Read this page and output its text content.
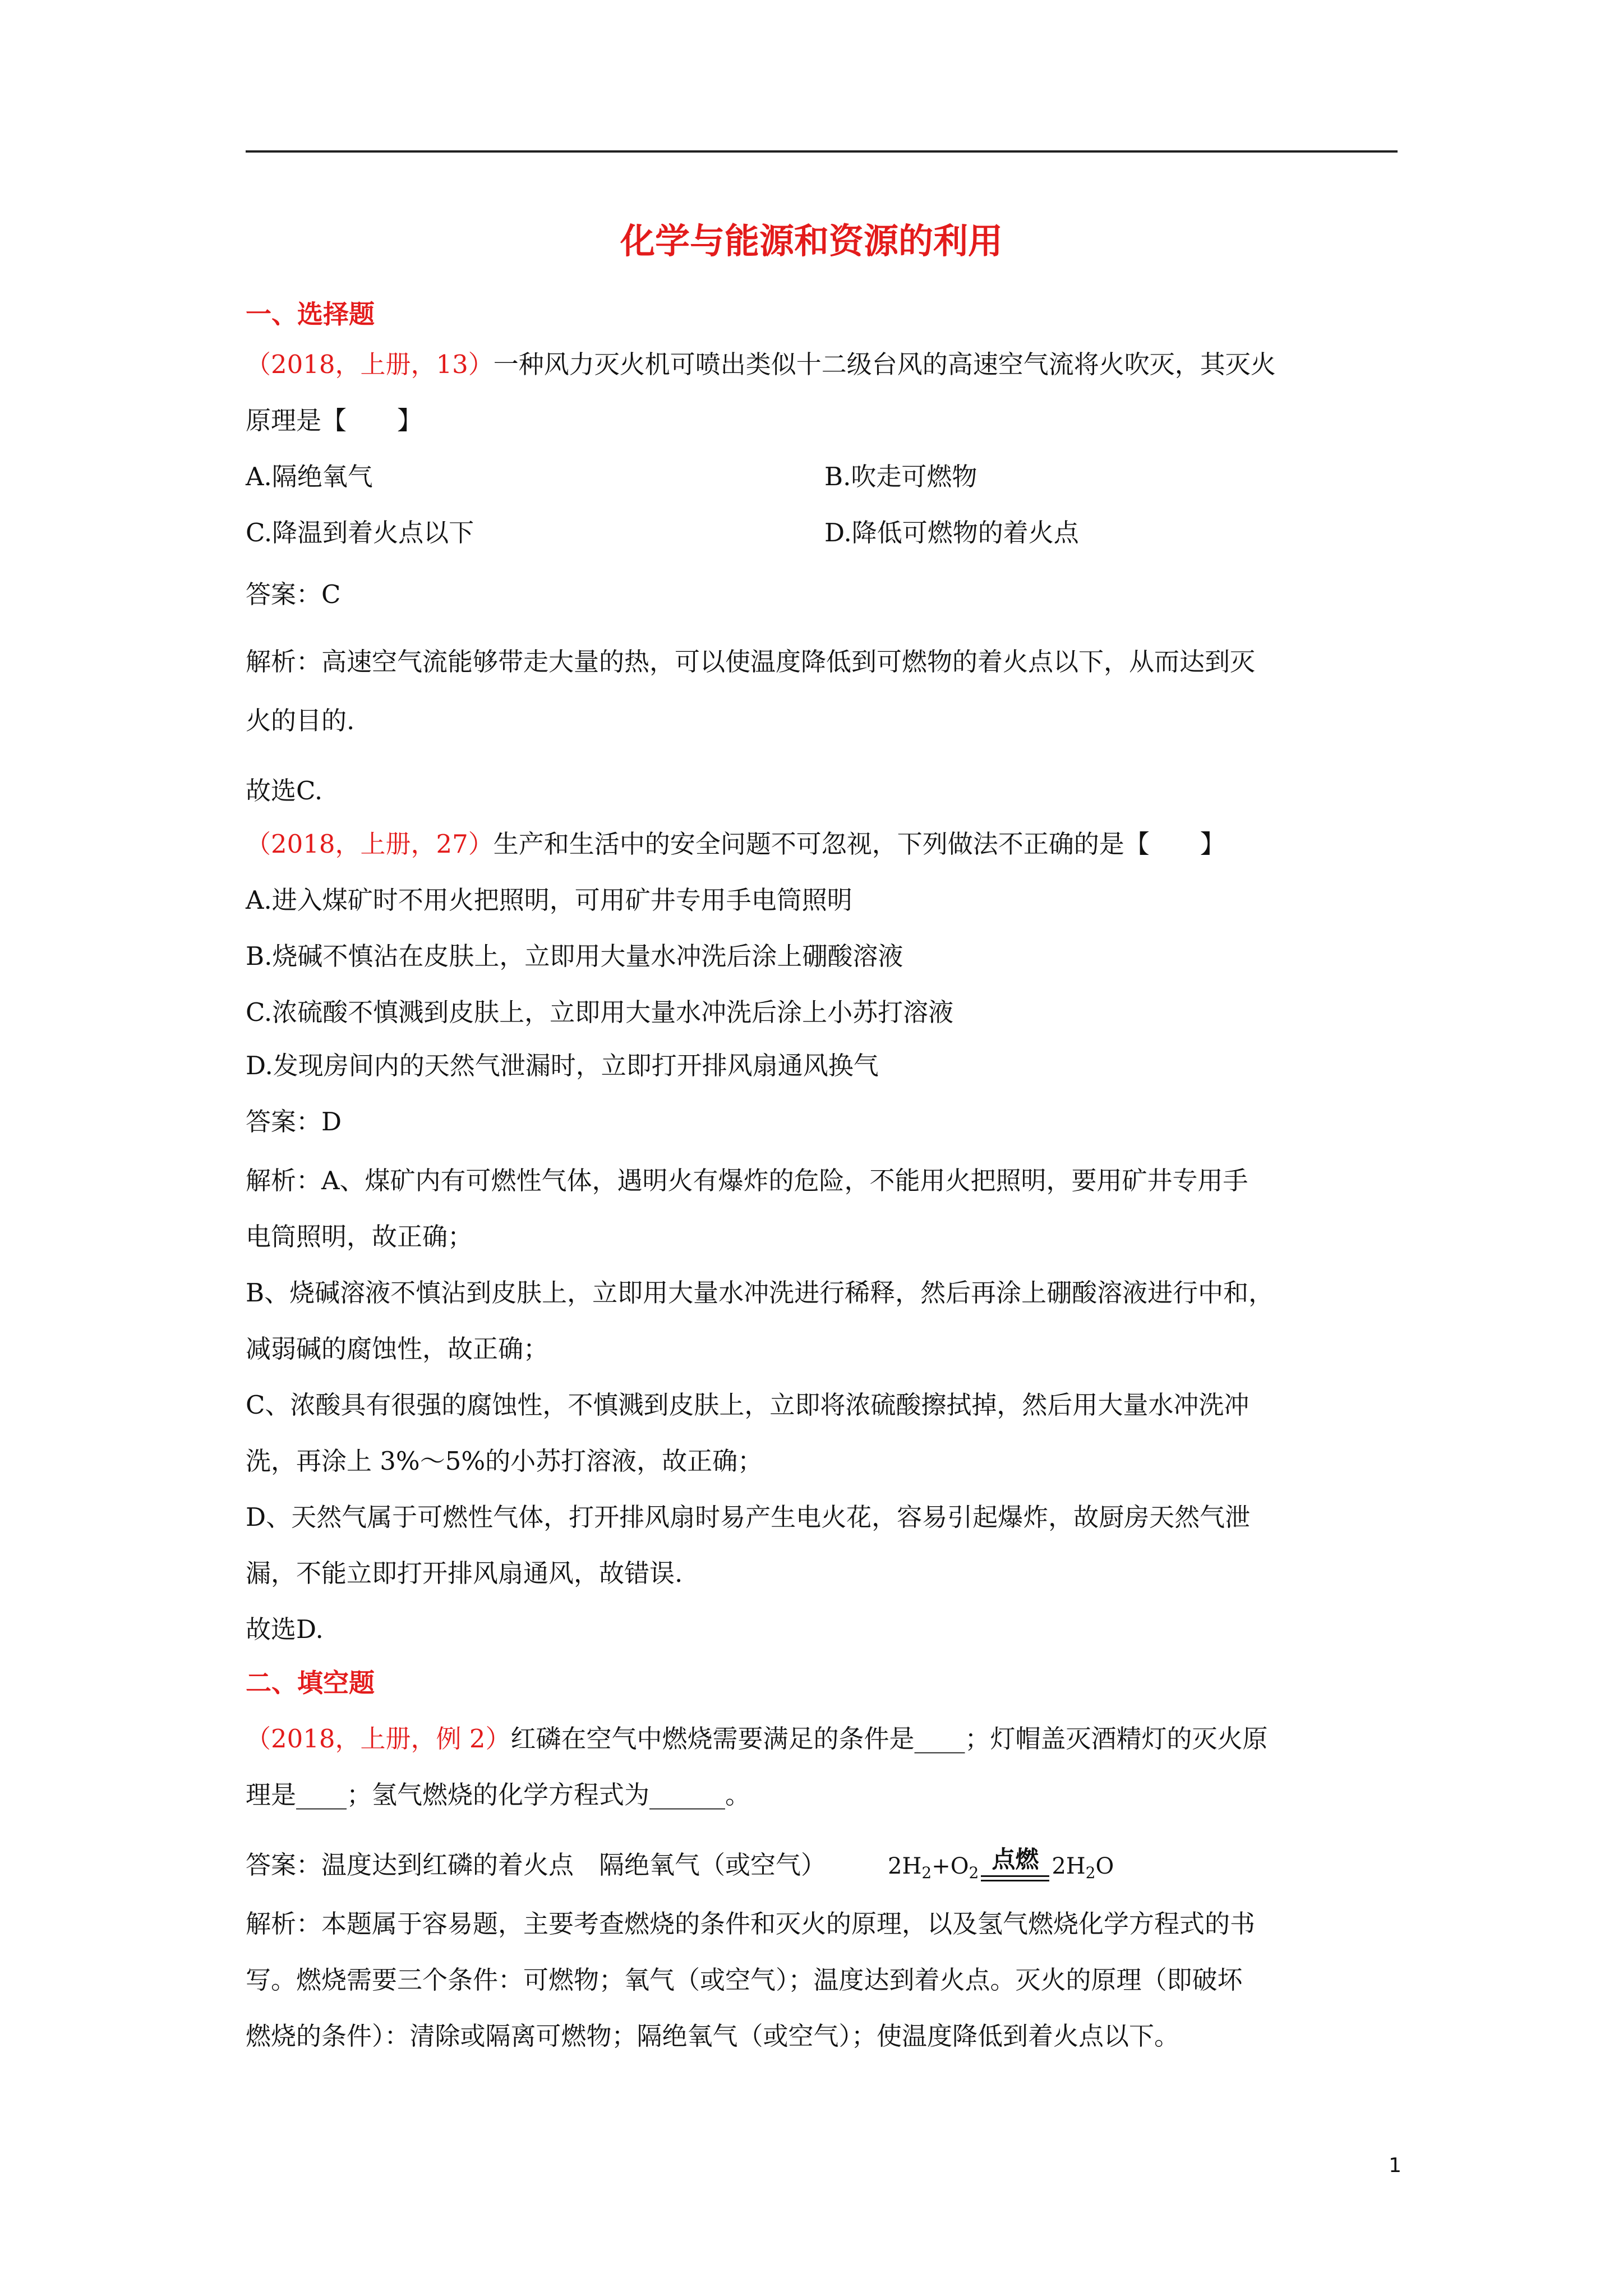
化学与能源和资源的利用
一、选择题
（2018，上册，13）一种风力灭火机可喷出类似十二级台风的高速空气流将火吹灭，其灭火
原理是【　　】
A.隔绝氧气	B.吹走可燃物
C.降温到着火点以下	D.降低可燃物的着火点
答案：C
解析：高速空气流能够带走大量的热，可以使温度降低到可燃物的着火点以下，从而达到灭
火的目的.
故选C.
（2018，上册，27）生产和生活中的安全问题不可忽视，下列做法不正确的是【　　】
A.进入煤矿时不用火把照明，可用矿井专用手电筒照明
B.烧碱不慎沾在皮肤上，立即用大量水冲洗后涂上硼酸溶液
C.浓硫酸不慎溅到皮肤上，立即用大量水冲洗后涂上小苏打溶液
D.发现房间内的天然气泄漏时，立即打开排风扇通风换气
答案：D
解析：A、煤矿内有可燃性气体，遇明火有爆炸的危险，不能用火把照明，要用矿井专用手
电筒照明，故正确；
B、烧碱溶液不慎沾到皮肤上，立即用大量水冲洗进行稀释，然后再涂上硼酸溶液进行中和，
减弱碱的腐蚀性，故正确；
C、浓酸具有很强的腐蚀性，不慎溅到皮肤上，立即将浓硫酸擦拭掉，然后用大量水冲洗冲
洗，再涂上 3%～5%的小苏打溶液，故正确；
D、天然气属于可燃性气体，打开排风扇时易产生电火花，容易引起爆炸，故厨房天然气泄
漏，不能立即打开排风扇通风，故错误.
故选D.
二、填空题
（2018，上册，例 2）红磷在空气中燃烧需要满足的条件是____；灯帽盖灭酒精灯的灭火原
理是____；氢气燃烧的化学方程式为______。
答案：温度达到红磷的着火点　隔绝氧气（或空气）	$2H_2+O_2$ 点燃 $2H_2O$
解析：本题属于容易题，主要考查燃烧的条件和灭火的原理，以及氢气燃烧化学方程式的书
写。燃烧需要三个条件：可燃物；氧气（或空气）；温度达到着火点。灭火的原理（即破坏
燃烧的条件）：清除或隔离可燃物；隔绝氧气（或空气）；使温度降低到着火点以下。
1
